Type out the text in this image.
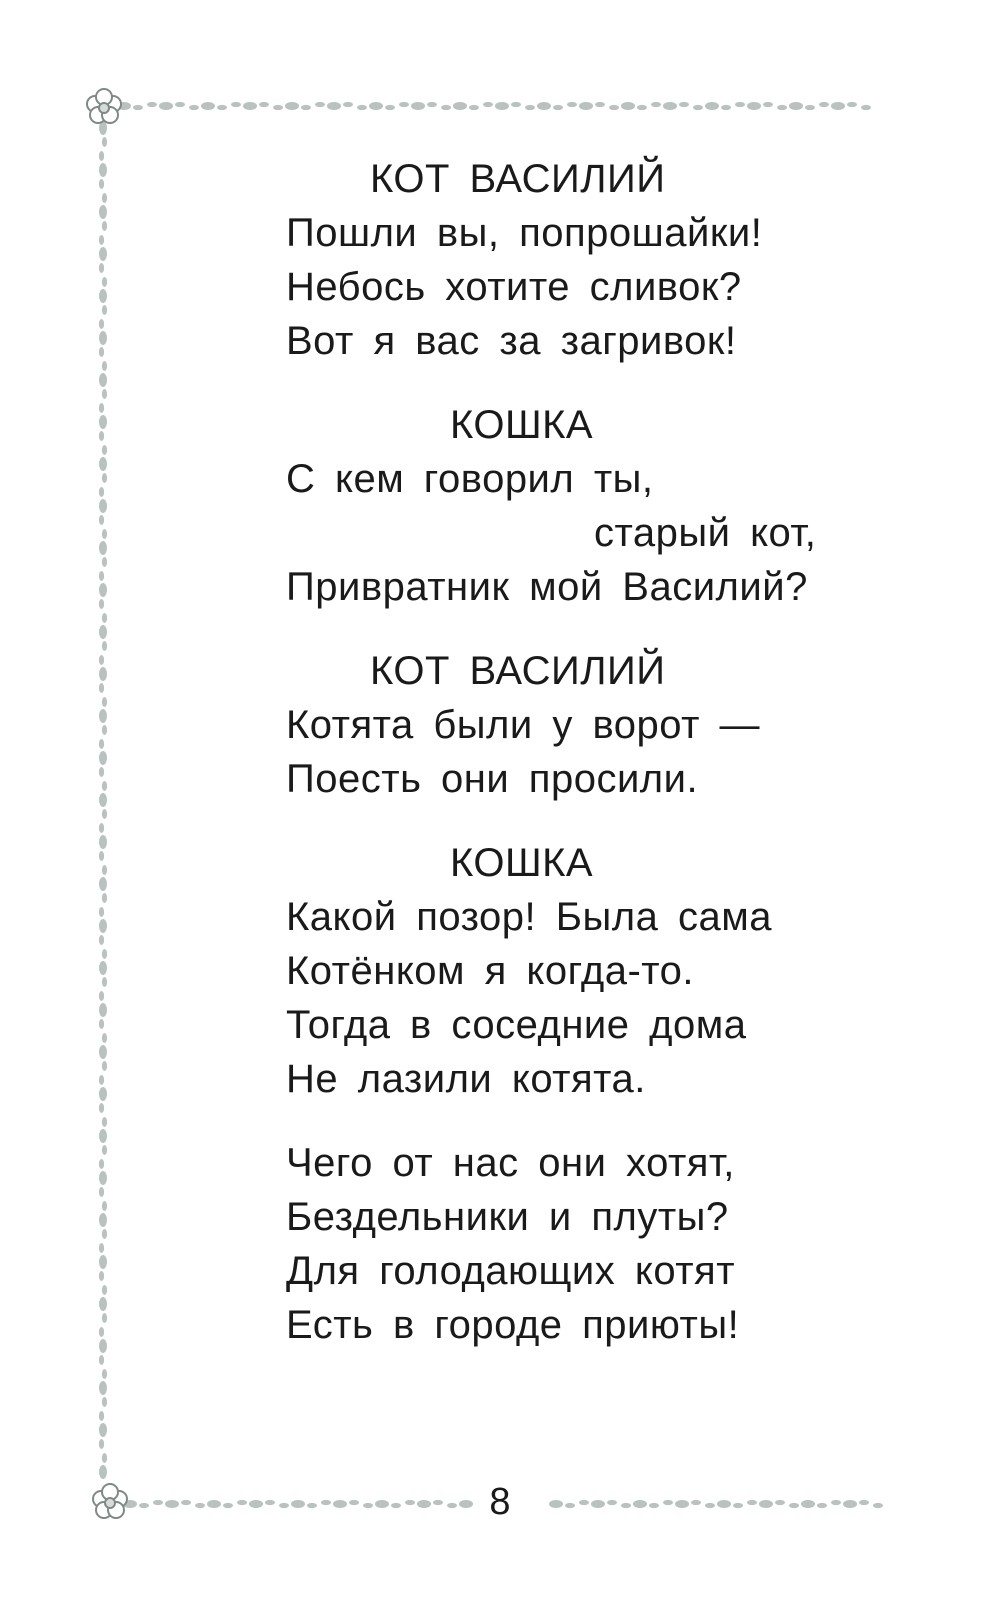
КОТ ВАСИЛИЙ
Пошли вы, попрошайки!
Небось хотите сливок?
Вот я вас за загривок!
КОШКА
С кем говорил ты,
старый кот,
Привратник мой Василий?
КОТ ВАСИЛИЙ
Котята были у ворот —
Поесть они просили.
КОШКА
Какой позор! Была сама
Котёнком я когда-то.
Тогда в соседние дома
Не лазили котята.
Чего от нас они хотят,
Бездельники и плуты?
Для голодающих котят
Есть в городе приюты!
8
